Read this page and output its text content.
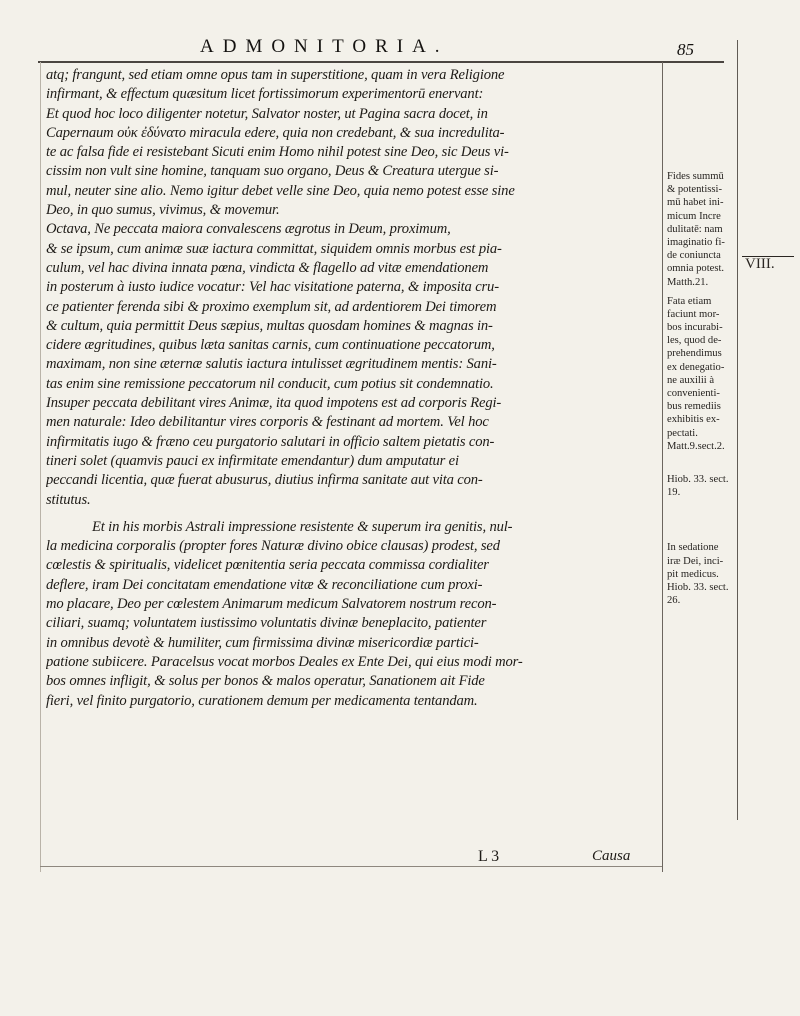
ADMONITORIA.	85
atq; frangunt, sed etiam omne opus tam in superstitione, quam in vera Religione
infirmant, & effectum quæsitum licet fortissimorum experimentorū enervant:
Et quod hoc loco diligenter notetur, Salvator noster, ut Pagina sacra docet, in
Capernaum οὐκ ἐδύνατο miracula edere, quia non credebant, & sua incredulita-
te ac falsa fide ei resistebant Sicuti enim Homo nihil potest sine Deo, sic Deus vi-
cissim non vult sine homine, tanquam suo organo, Deus & Creatura utergue si-
mul, neuter sine alio. Nemo igitur debet velle sine Deo, quia nemo potest esse sine
Deo, in quo sumus, vivimus, & movemur.
Octava, Ne peccata maiora convalescens ægrotus in Deum, proximum,
& se ipsum, cum animæ suæ iactura committat, siquidem omnis morbus est pia-
culum, vel hac divina innata pœna, vindicta & flagello ad vitæ emendationem
in posterum à iusto iudice vocatur: Vel hac visitatione paterna, & imposita cru-
ce patienter ferenda sibi & proximo exemplum sit, ad ardentiorem Dei timorem
& cultum, quia permittit Deus sæpius, multas quosdam homines & magnas in-
cidere ægritudines, quibus læta sanitas carnis, cum continuatione peccatorum,
maximam, non sine æternæ salutis iactura intulisset ægritudinem mentis: Sani-
tas enim sine remissione peccatorum nil conducit, cum potius sit condemnatio.
Insuper peccata debilitant vires Animæ, ita quod impotens est ad corporis Regi-
men naturale: Ideo debilitantur vires corporis & festinant ad mortem. Vel hoc
infirmitatis iugo & fræno ceu purgatorio salutari in officio saltem pietatis con-
tineri solet (quamvis pauci ex infirmitate emendantur) dum amputatur ei
peccandi licentia, quæ fuerat abusurus, diutius infirma sanitate aut vita con-
stitutus.
Et in his morbis Astrali impressione resistente & superum ira genitis, nul-
la medicina corporalis (propter fores Naturæ divino obice clausas) prodest, sed
cœlestis & spiritualis, videlicet pœnitentia seria peccata commissa cordialiter
deflere, iram Dei concitatam emendatione vitæ & reconciliatione cum proxi-
mo placare, Deo per cœlestem Animarum medicum Salvatorem nostrum recon-
ciliari, suamq; voluntatem iustissimo voluntatis divinæ beneplacito, patienter
in omnibus devotè & humiliter, cum firmissima divinæ misericordiæ partici-
patione subiicere. Paracelsus vocat morbos Deales ex Ente Dei, qui eius modi mor-
bos omnes infligit, & solus per bonos & malos operatur, Sanationem ait Fide
fieri, vel finito purgatorio, curationem demum per medicamenta tentandam.
Fides summū
& potentissi-
mū habet ini-
micum Incre
dulitatē: nam
imaginatio fi-
de coniuncta
omnia potest.
Matth.21.
Fata etiam
faciunt mor-
bos incurabi-
les, quod de-
prehendimus
ex denegatio-
ne auxilii à
convenienti-
bus remediis
exhibitis ex-
pectati.
Matt.9.sect.2.
Hiob. 33. sect.
19.
In sedatione
iræ Dei, inci-
pit medicus.
Hiob. 33. sect.
26.
VIII.
L 3	Causa
